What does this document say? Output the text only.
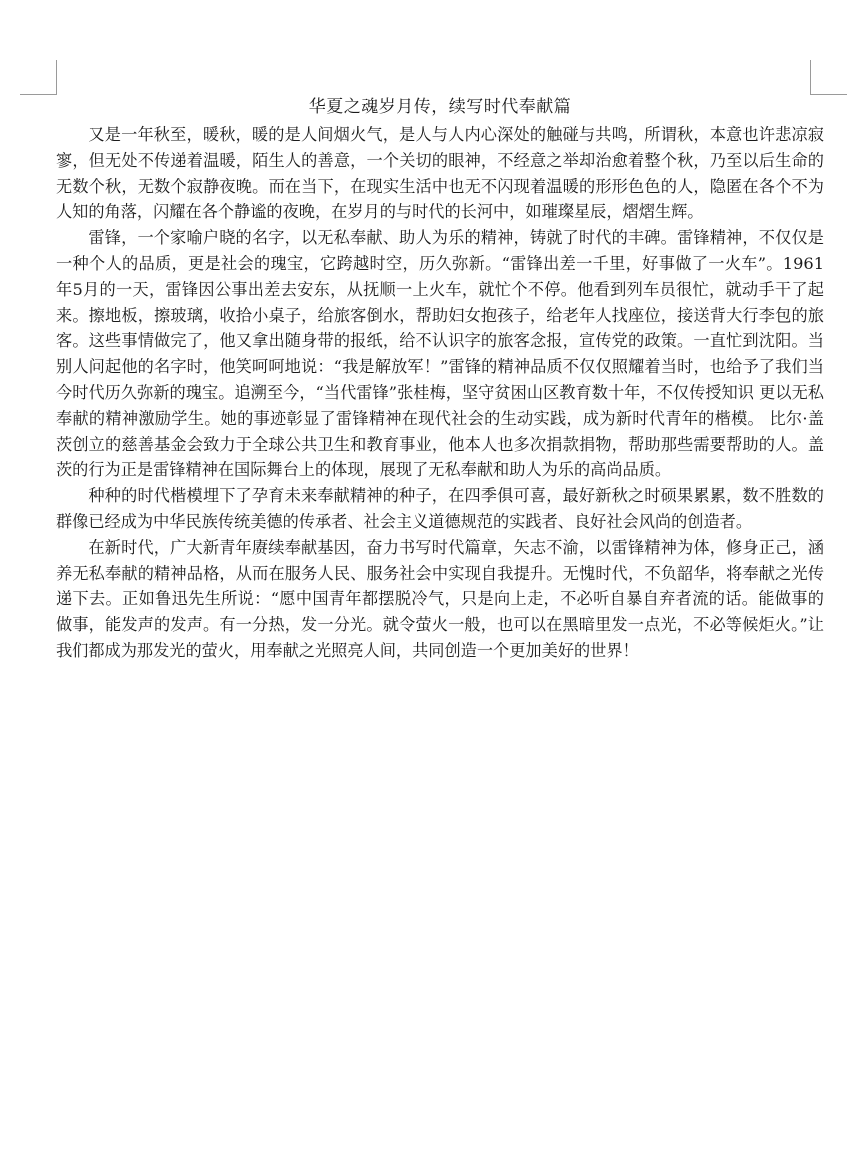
华夏之魂岁月传，续写时代奉献篇

又是一年秋至，暖秋，暖的是人间烟火气，是人与人内心深处的触碰与共鸣，所谓秋，本意也许悲凉寂寥，但无处不传递着温暖，陌生人的善意，一个关切的眼神，不经意之举却治愈着整个秋，乃至以后生命的无数个秋，无数个寂静夜晚。而在当下，在现实生活中也无不闪现着温暖的形形色色的人，隐匿在各个不为人知的角落，闪耀在各个静谧的夜晚，在岁月的与时代的长河中，如璀璨星辰，熠熠生辉。

雷锋，一个家喻户晓的名字，以无私奉献、助人为乐的精神，铸就了时代的丰碑。雷锋精神，不仅仅是一种个人的品质，更是社会的瑰宝，它跨越时空，历久弥新。“雷锋出差一千里，好事做了一火车”。1961年5月的一天，雷锋因公事出差去安东，从抚顺一上火车，就忙个不停。他看到列车员很忙，就动手干了起来。擦地板，擦玻璃，收拾小桌子，给旅客倒水，帮助妇女抱孩子，给老年人找座位，接送背大行李包的旅客。这些事情做完了，他又拿出随身带的报纸，给不认识字的旅客念报，宣传党的政策。一直忙到沈阳。当别人问起他的名字时，他笑呵呵地说：“我是解放军！”雷锋的精神品质不仅仅照耀着当时，也给予了我们当今时代历久弥新的瑰宝。追溯至今，“当代雷锋”张桂梅，坚守贫困山区教育数十年，不仅传授知识 更以无私奉献的精神激励学生。她的事迹彰显了雷锋精神在现代社会的生动实践，成为新时代青年的楷模。 比尔·盖茨创立的慈善基金会致力于全球公共卫生和教育事业，他本人也多次捐款捐物，帮助那些需要帮助的人。盖茨的行为正是雷锋精神在国际舞台上的体现，展现了无私奉献和助人为乐的高尚品质。

种种的时代楷模埋下了孕育未来奉献精神的种子，在四季俱可喜，最好新秋之时硕果累累，数不胜数的群像已经成为中华民族传统美德的传承者、社会主义道德规范的实践者、良好社会风尚的创造者。

在新时代，广大新青年赓续奉献基因，奋力书写时代篇章，矢志不渝，以雷锋精神为体，修身正己，涵养无私奉献的精神品格，从而在服务人民、服务社会中实现自我提升。无愧时代，不负韶华，将奉献之光传递下去。正如鲁迅先生所说：“愿中国青年都摆脱冷气，只是向上走，不必听自暴自弃者流的话。能做事的做事，能发声的发声。有一分热，发一分光。就令萤火一般，也可以在黑暗里发一点光，不必等候炬火。”让我们都成为那发光的萤火，用奉献之光照亮人间，共同创造一个更加美好的世界！
